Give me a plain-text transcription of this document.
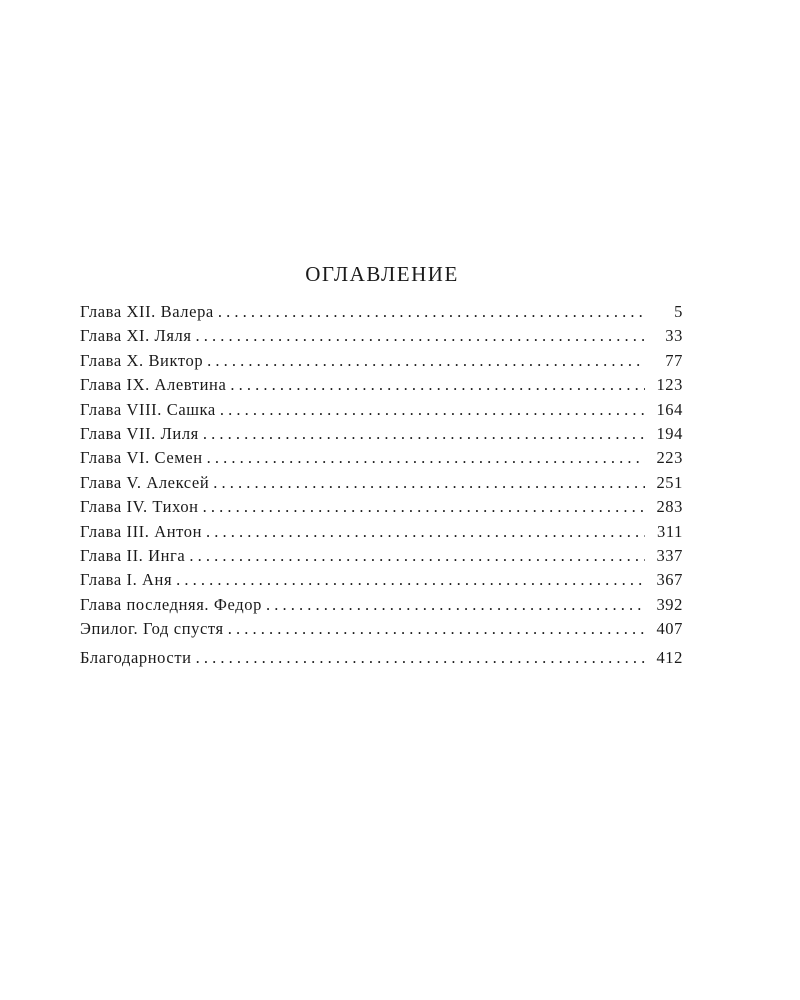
ОГЛАВЛЕНИЕ
Глава XII. Валера . . .	5
Глава XI. Ляля . . .	33
Глава X. Виктор . . .	77
Глава IX. Алевтина . . .	123
Глава VIII. Сашка . . .	164
Глава VII. Лиля . . .	194
Глава VI. Семен . . .	223
Глава V. Алексей . . .	251
Глава IV. Тихон . . .	283
Глава III. Антон . . .	311
Глава II. Инга . . .	337
Глава I. Аня . . .	367
Глава последняя. Федор . . .	392
Эпилог. Год спустя . . .	407
Благодарности . . .	412
